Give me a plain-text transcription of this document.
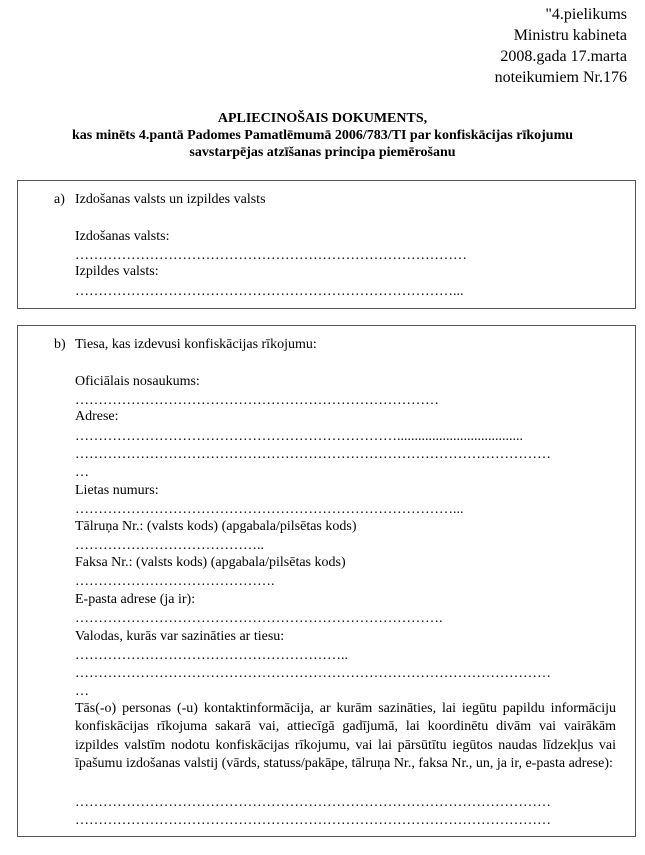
"4.pielikums
Ministru kabineta
2008.gada 17.marta
noteikumiem Nr.176
APLIECINOŠAIS DOKUMENTS,
kas minēts 4.pantā Padomes Pamatlēmumā 2006/783/TI par konfiskācijas rīkojumu
savstarpējas atzīšanas principa piemērošanu
a) Izdošanas valsts un izpildes valsts
Izdošanas valsts:
…………………………………………………………………………
Izpildes valsts:
………………………………………………………………………...
b) Tiesa, kas izdevusi konfiskācijas rīkojumu:
Oficiālais nosaukums:
……………………………………………………………………
Adrese:
……………………………………………………………....................................
…………………………………………………………………………………………
…
Lietas numurs:
………………………………………………………………………...
Tālruņa Nr.: (valsts kods) (apgabala/pilsētas kods)
…………………………………..
Faksa Nr.: (valsts kods) (apgabala/pilsētas kods)
…………………………………….
E-pasta adrese (ja ir):
…………………………………………………………………….
Valodas, kurās var sazināties ar tiesu:
…………………………………………………..
…………………………………………………………………………………………
…
Tās(-o) personas (-u) kontaktinformācija, ar kurām sazināties, lai iegūtu papildu informāciju konfiskācijas rīkojuma sakarā vai, attiecīgā gadījumā, lai koordinētu divām vai vairākām izpildes valstīm nodotu konfiskācijas rīkojumu, vai lai pārsūtītu iegūtos naudas līdzekļus vai īpašumu izdošanas valstij (vārds, statuss/pakāpe, tālruņa Nr., faksa Nr., un, ja ir, e-pasta adrese):
…………………………………………………………………………………………
…………………………………………………………………………………………
